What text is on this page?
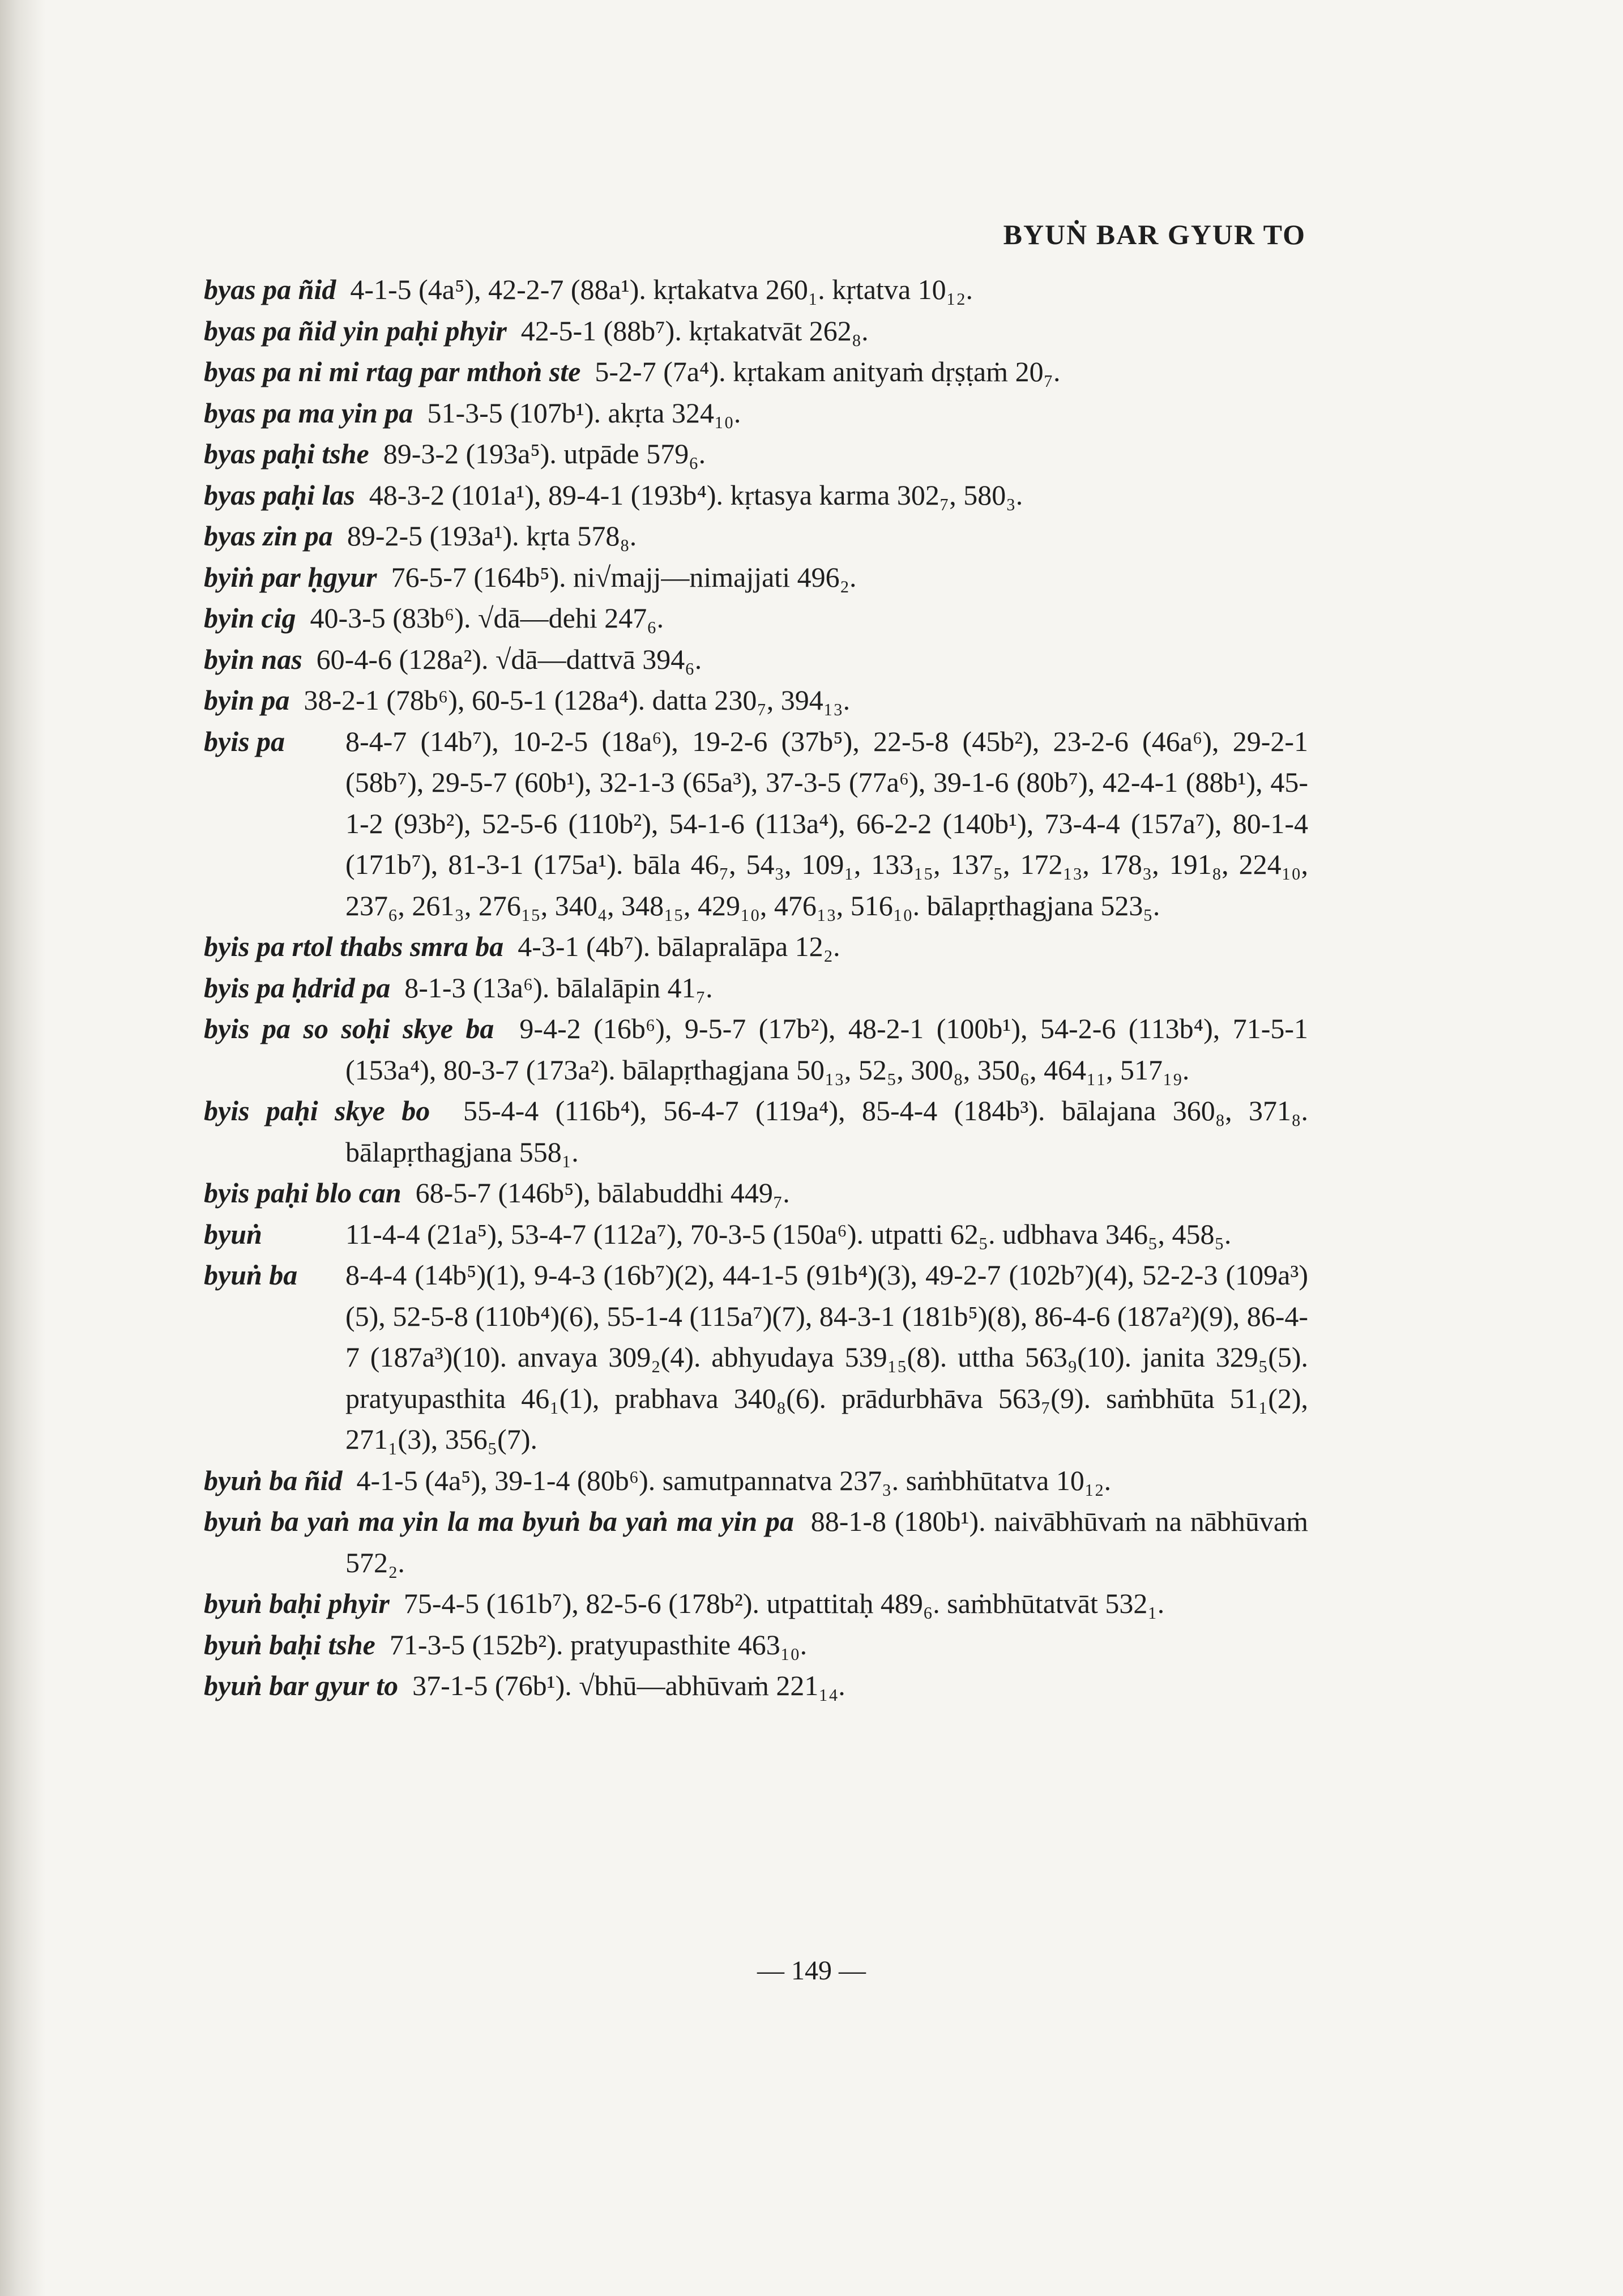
BYUṄ BAR GYUR TO
byas pa ñid 4-1-5 (4a⁵), 42-2-7 (88a¹). kṛtakatva 260₁. kṛtatva 10₁₂.
byas pa ñid yin paḥi phyir 42-5-1 (88b⁷). kṛtakatvāt 262₈.
byas pa ni mi rtag par mthoṅ ste 5-2-7 (7a⁴). kṛtakam anityaṁ dṛṣṭaṁ 20₇.
byas pa ma yin pa 51-3-5 (107b¹). akṛta 324₁₀.
byas paḥi tshe 89-3-2 (193a⁵). utpāde 579₆.
byas paḥi las 48-3-2 (101a¹), 89-4-1 (193b⁴). kṛtasya karma 302₇, 580₃.
byas zin pa 89-2-5 (193a¹). kṛta 578₈.
byiṅ par ḥgyur 76-5-7 (164b⁵). ni√majj—nimajjati 496₂.
byin cig 40-3-5 (83b⁶). √dā—dehi 247₆.
byin nas 60-4-6 (128a²). √dā—dattvā 394₆.
byin pa 38-2-1 (78b⁶), 60-5-1 (128a⁴). datta 230₇, 394₁₃.
byis pa 8-4-7 (14b⁷), 10-2-5 (18a⁶), 19-2-6 (37b⁵), 22-5-8 (45b²), 23-2-6 (46a⁶), 29-2-1 (58b⁷), 29-5-7 (60b¹), 32-1-3 (65a³), 37-3-5 (77a⁶), 39-1-6 (80b⁷), 42-4-1 (88b¹), 45-1-2 (93b²), 52-5-6 (110b²), 54-1-6 (113a⁴), 66-2-2 (140b¹), 73-4-4 (157a⁷), 80-1-4 (171b⁷), 81-3-1 (175a¹). bāla 46₇, 54₃, 109₁, 133₁₅, 137₅, 172₁₃, 178₃, 191₈, 224₁₀, 237₆, 261₃, 276₁₅, 340₄, 348₁₅, 429₁₀, 476₁₃, 516₁₀. bālapṛthagjana 523₅.
byis pa rtol thabs smra ba 4-3-1 (4b⁷). bālapralāpa 12₂.
byis pa ḥdrid pa 8-1-3 (13a⁶). bālalāpin 41₇.
byis pa so soḥi skye ba 9-4-2 (16b⁶), 9-5-7 (17b²), 48-2-1 (100b¹), 54-2-6 (113b⁴), 71-5-1 (153a⁴), 80-3-7 (173a²). bālapṛthagjana 50₁₃, 52₅, 300₈, 350₆, 464₁₁, 517₁₉.
byis paḥi skye bo 55-4-4 (116b⁴), 56-4-7 (119a⁴), 85-4-4 (184b³). bālajana 360₈, 371₈. bālapṛthagjana 558₁.
byis paḥi blo can 68-5-7 (146b⁵), bālabuddhi 449₇.
byuṅ	11-4-4 (21a⁵), 53-4-7 (112a⁷), 70-3-5 (150a⁶). utpatti 62₅. udbhava 346₅, 458₅.
byuṅ ba 8-4-4 (14b⁵)(1), 9-4-3 (16b⁷)(2), 44-1-5 (91b⁴)(3), 49-2-7 (102b⁷)(4), 52-2-3 (109a³)(5), 52-5-8 (110b⁴)(6), 55-1-4 (115a⁷)(7), 84-3-1 (181b⁵)(8), 86-4-6 (187a²)(9), 86-4-7 (187a³)(10). anvaya 309₂(4). abhyudaya 539₁₅(8). uttha 563₉(10). janita 329₅(5). pratyupasthita 46₁(1), prabhava 340₈(6). prādurbhāva 563₇(9). saṁbhūta 51₁(2), 271₁(3), 356₅(7).
byuṅ ba ñid 4-1-5 (4a⁵), 39-1-4 (80b⁶). samutpannatva 237₃. saṁbhūtatva 10₁₂.
byuṅ ba yaṅ ma yin la ma byuṅ ba yaṅ ma yin pa 88-1-8 (180b¹). naivābhūvaṁ na nābhūvaṁ 572₂.
byuṅ baḥi phyir 75-4-5 (161b⁷), 82-5-6 (178b²). utpattitaḥ 489₆. saṁbhūtatvāt 532₁.
byuṅ baḥi tshe 71-3-5 (152b²). pratyupasthite 463₁₀.
byuṅ bar gyur to 37-1-5 (76b¹). √bhū—abhūvaṁ 221₁₄.
— 149 —
